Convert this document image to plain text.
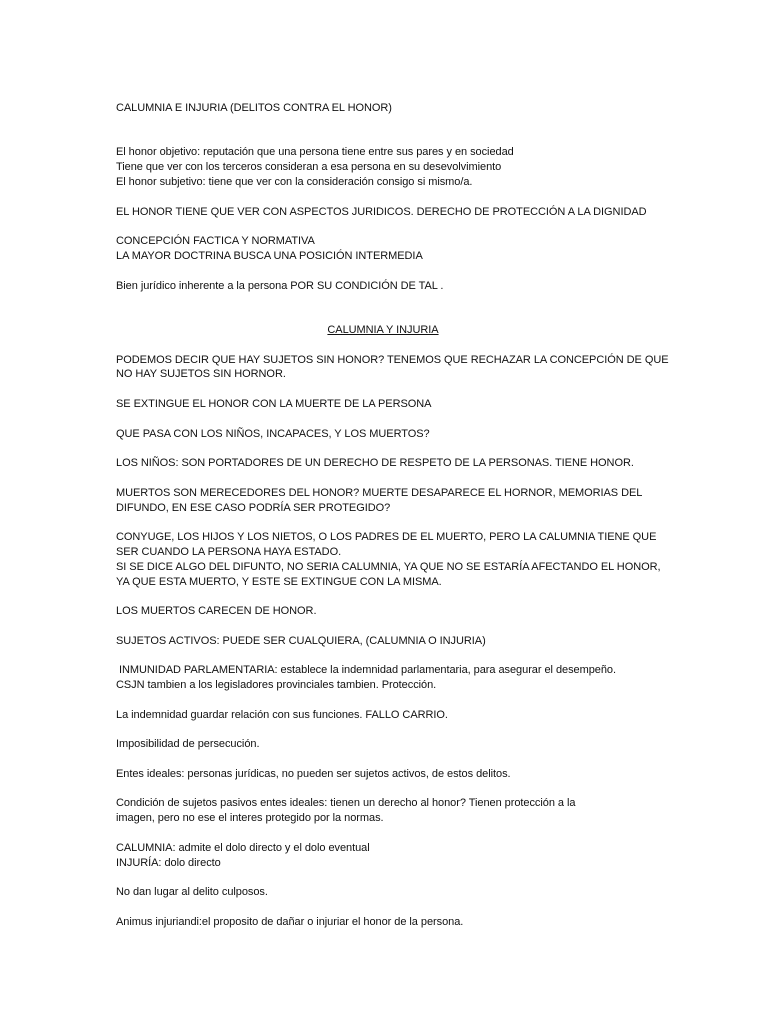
CALUMNIA E INJURIA (DELITOS CONTRA EL HONOR)
El honor objetivo: reputación que una persona tiene entre sus pares y en sociedad
Tiene que ver con los terceros consideran a esa persona en su desevolvimiento
El honor subjetivo: tiene que ver con la consideración consigo si mismo/a.
EL HONOR TIENE QUE VER CON ASPECTOS JURIDICOS. DERECHO DE PROTECCIÓN A LA DIGNIDAD
CONCEPCIÓN FACTICA Y NORMATIVA
LA MAYOR DOCTRINA BUSCA UNA POSICIÓN INTERMEDIA
Bien jurídico inherente a la persona POR SU CONDICIÓN DE TAL .
CALUMNIA Y INJURIA
PODEMOS DECIR QUE HAY SUJETOS SIN HONOR? TENEMOS QUE RECHAZAR LA CONCEPCIÓN DE QUE
NO HAY SUJETOS SIN HORNOR.
SE EXTINGUE EL HONOR CON LA MUERTE DE LA PERSONA
QUE PASA CON LOS NIÑOS, INCAPACES, Y LOS MUERTOS?
LOS NIÑOS: SON PORTADORES DE UN DERECHO DE RESPETO DE LA PERSONAS. TIENE HONOR.
MUERTOS SON MERECEDORES DEL HONOR? MUERTE DESAPARECE EL HORNOR, MEMORIAS DEL
DIFUNDO, EN ESE CASO PODRÍA SER PROTEGIDO?
CONYUGE, LOS HIJOS Y LOS NIETOS, O LOS PADRES DE EL MUERTO, PERO LA CALUMNIA TIENE QUE
SER CUANDO LA PERSONA HAYA ESTADO.
SI SE DICE ALGO DEL DIFUNTO, NO SERIA CALUMNIA, YA QUE NO SE ESTARÍA AFECTANDO EL HONOR,
YA QUE ESTA MUERTO, Y ESTE SE EXTINGUE CON LA MISMA.
LOS MUERTOS CARECEN DE HONOR.
SUJETOS ACTIVOS: PUEDE SER CUALQUIERA, (CALUMNIA O INJURIA)
INMUNIDAD PARLAMENTARIA: establece la indemnidad parlamentaria, para asegurar el desempeño.
CSJN tambien a los legisladores provinciales tambien. Protección.
La indemnidad guardar relación con sus funciones. FALLO CARRIO.
Imposibilidad de persecución.
Entes ideales: personas jurídicas, no pueden ser sujetos activos, de estos delitos.
Condición de sujetos pasivos entes ideales: tienen un derecho al honor? Tienen protección a la
imagen, pero no ese el interes protegido por la normas.
CALUMNIA: admite el dolo directo y el dolo eventual
INJURÍA: dolo directo
No dan lugar al delito culposos.
Animus injuriandi:el proposito de dañar o injuriar el honor de la persona.
